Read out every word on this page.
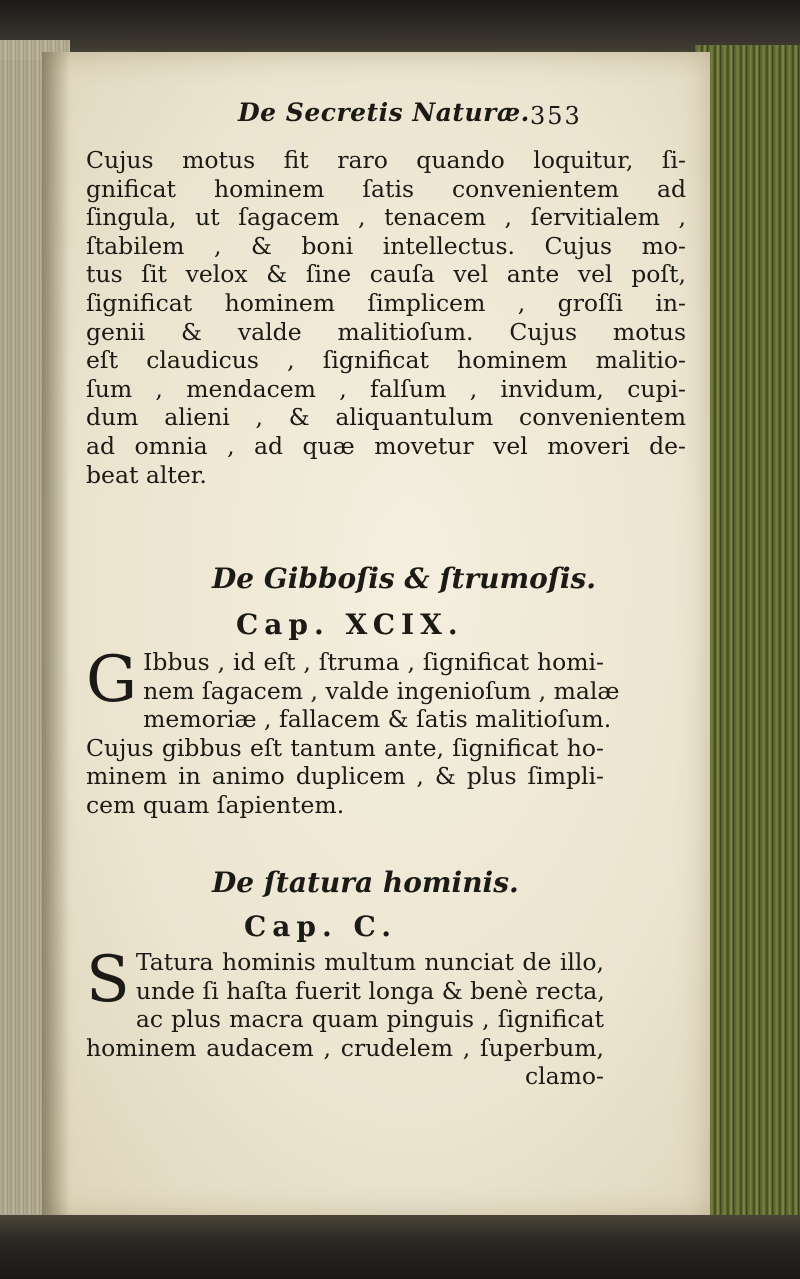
De Secretis Naturæ. 353
Cujus motus fit raro quando loquitur, ſi-
gnificat hominem ſatis convenientem ad
ſingula, ut ſagacem , tenacem , ſervitialem ,
ſtabilem , & boni intellectus. Cujus mo-
tus ſit velox & ſine cauſa vel ante vel poſt,
ſignificat hominem ſimplicem , groſſi in-
genii & valde malitioſum. Cujus motus
eſt claudicus , ſignificat hominem malitio-
ſum , mendacem , falſum , invidum, cupi-
dum alieni , & aliquantulum convenientem
ad omnia , ad quæ movetur vel moveri de-
beat alter.
De Gibboſis & ſtrumoſis.
Cap. XCIX.
G Ibbus , id eſt , ſtruma , ſignificat homi-
nem ſagacem , valde ingenioſum , malæ
memoriæ , fallacem & ſatis malitioſum.
Cujus gibbus eſt tantum ante, ſignificat ho-
minem in animo duplicem , & plus ſimpli-
cem quam ſapientem.
De ſtatura hominis.
Cap. C.
S Tatura hominis multum nunciat de illo,
unde ſi haſta fuerit longa & benè recta,
ac plus macra quam pinguis , ſignificat
hominem audacem , crudelem , ſuperbum,
clamo-
